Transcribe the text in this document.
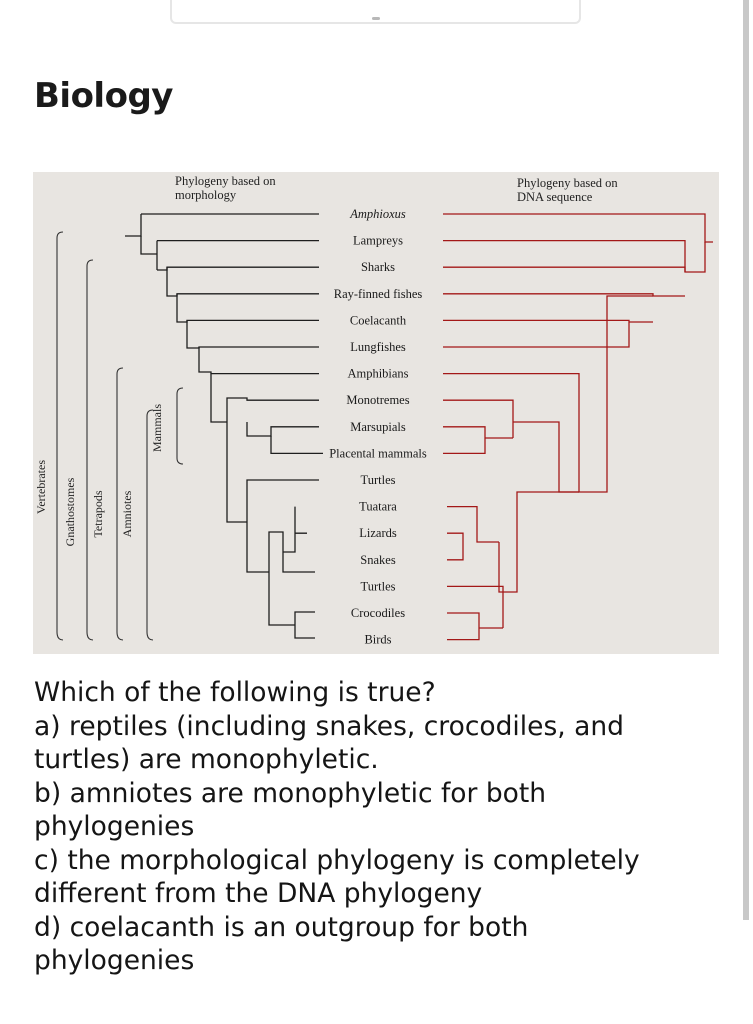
Biology
Phylogeny based on
morphology
Phylogeny based on
DNA sequence
Amphioxus
Lampreys
Sharks
Ray-finned fishes
Coelacanth
Lungfishes
Amphibians
Monotremes
Marsupials
Placental mammals
Turtles
Tuatara
Lizards
Snakes
Turtles
Crocodiles
Birds
Vertebrates Gnathostomes Tetrapods Amniotes
Mammals
Which of the following is true?
a) reptiles (including snakes, crocodiles, and
turtles) are monophyletic.
b) amniotes are monophyletic for both
phylogenies
c) the morphological phylogeny is completely
different from the DNA phylogeny
d) coelacanth is an outgroup for both
phylogenies
